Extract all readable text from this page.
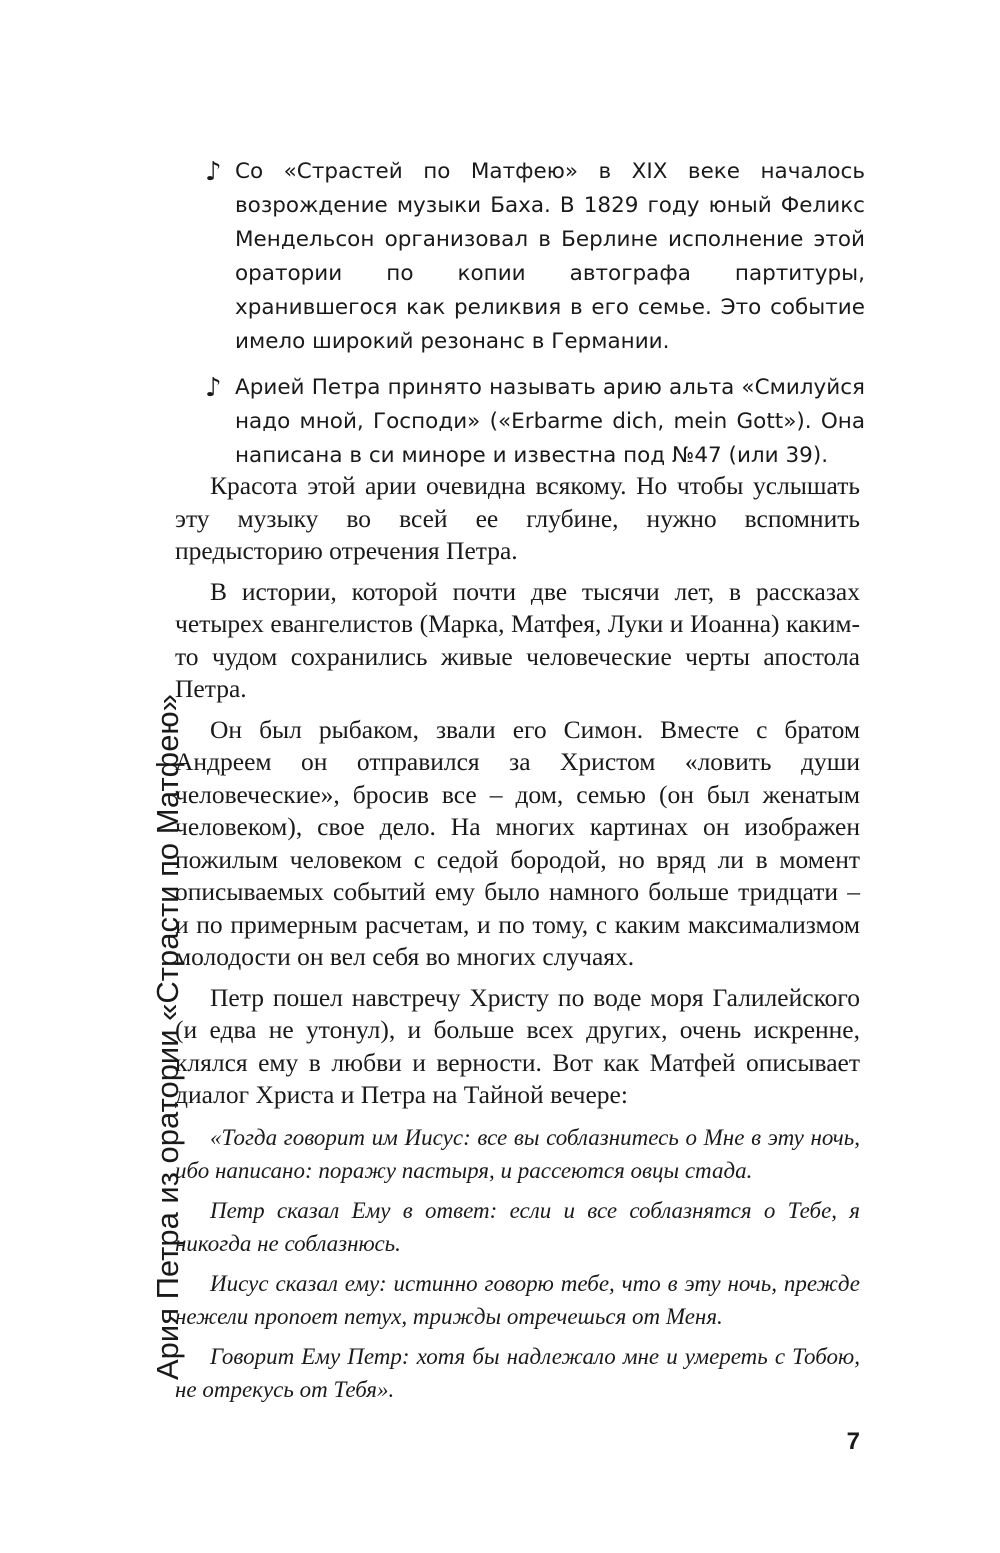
Ария Петра из оратории «Страсти по Матфею»
♪ Со «Страстей по Матфею» в XIX веке началось возрождение музыки Баха. В 1829 году юный Феликс Мендельсон организовал в Берлине исполнение этой оратории по копии автографа партитуры, хранившегося как реликвия в его семье. Это событие имело широкий резонанс в Германии.
♪ Арией Петра принято называть арию альта «Смилуйся надо мной, Господи» («Erbarme dich, mein Gott»). Она написана в си миноре и известна под №47 (или 39).

Красота этой арии очевидна всякому. Но чтобы услышать эту музыку во всей ее глубине, нужно вспомнить предысторию отречения Петра.

В истории, которой почти две тысячи лет, в рассказах четырех евангелистов (Марка, Матфея, Луки и Иоанна) каким-то чудом сохранились живые человеческие черты апостола Петра.

Он был рыбаком, звали его Симон. Вместе с братом Андреем он отправился за Христом «ловить души человеческие», бросив все – дом, семью (он был женатым человеком), свое дело. На многих картинах он изображен пожилым человеком с седой бородой, но вряд ли в момент описываемых событий ему было намного больше тридцати – и по примерным расчетам, и по тому, с каким максимализмом молодости он вел себя во многих случаях.

Петр пошел навстречу Христу по воде моря Галилейского (и едва не утонул), и больше всех других, очень искренне, клялся ему в любви и верности. Вот как Матфей описывает диалог Христа и Петра на Тайной вечере:

«Тогда говорит им Иисус: все вы соблазнитесь о Мне в эту ночь, ибо написано: поражу пастыря, и рассеются овцы стада.

Петр сказал Ему в ответ: если и все соблазнятся о Тебе, я никогда не соблазнюсь.

Иисус сказал ему: истинно говорю тебе, что в эту ночь, прежде нежели пропоет петух, трижды отречешься от Меня.

Говорит Ему Петр: хотя бы надлежало мне и умереть с Тобою, не отрекусь от Тебя».

7
